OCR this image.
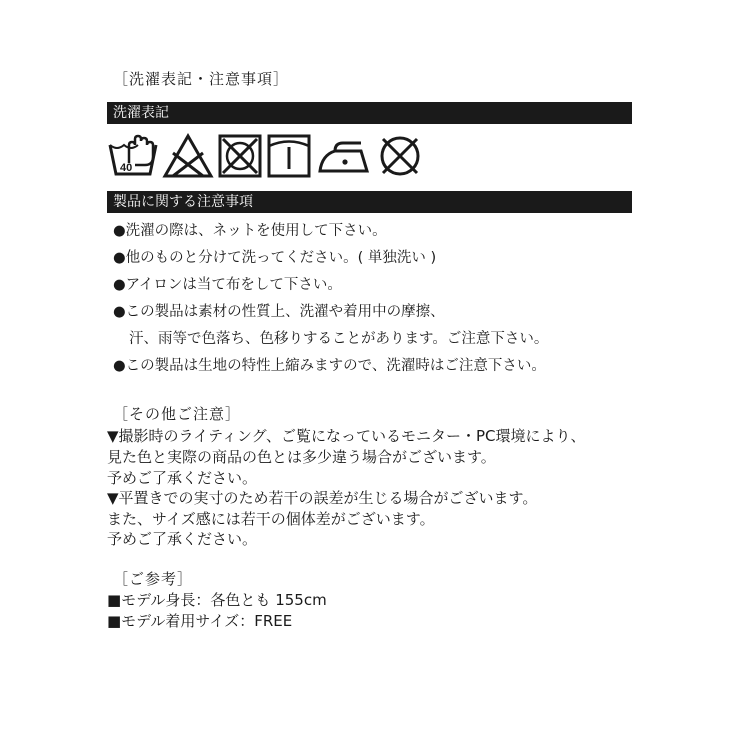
［洗濯表記・注意事項］
洗濯表記
40
製品に関する注意事項
●洗濯の際は、ネットを使用して下さい。
●他のものと分けて洗ってください。( 単独洗い )
●アイロンは当て布をして下さい。
●この製品は素材の性質上、洗濯や着用中の摩擦、
汗、雨等で色落ち、色移りすることがあります。ご注意下さい。
●この製品は生地の特性上縮みますので、洗濯時はご注意下さい。
［その他ご注意］
▼撮影時のライティング、ご覧になっているモニター・PC環境により、
見た色と実際の商品の色とは多少違う場合がございます。
予めご了承ください。
▼平置きでの実寸のため若干の誤差が生じる場合がございます。
また、サイズ感には若干の個体差がございます。
予めご了承ください。
［ご参考］
■モデル身長：各色とも 155cm
■モデル着用サイズ：FREE
